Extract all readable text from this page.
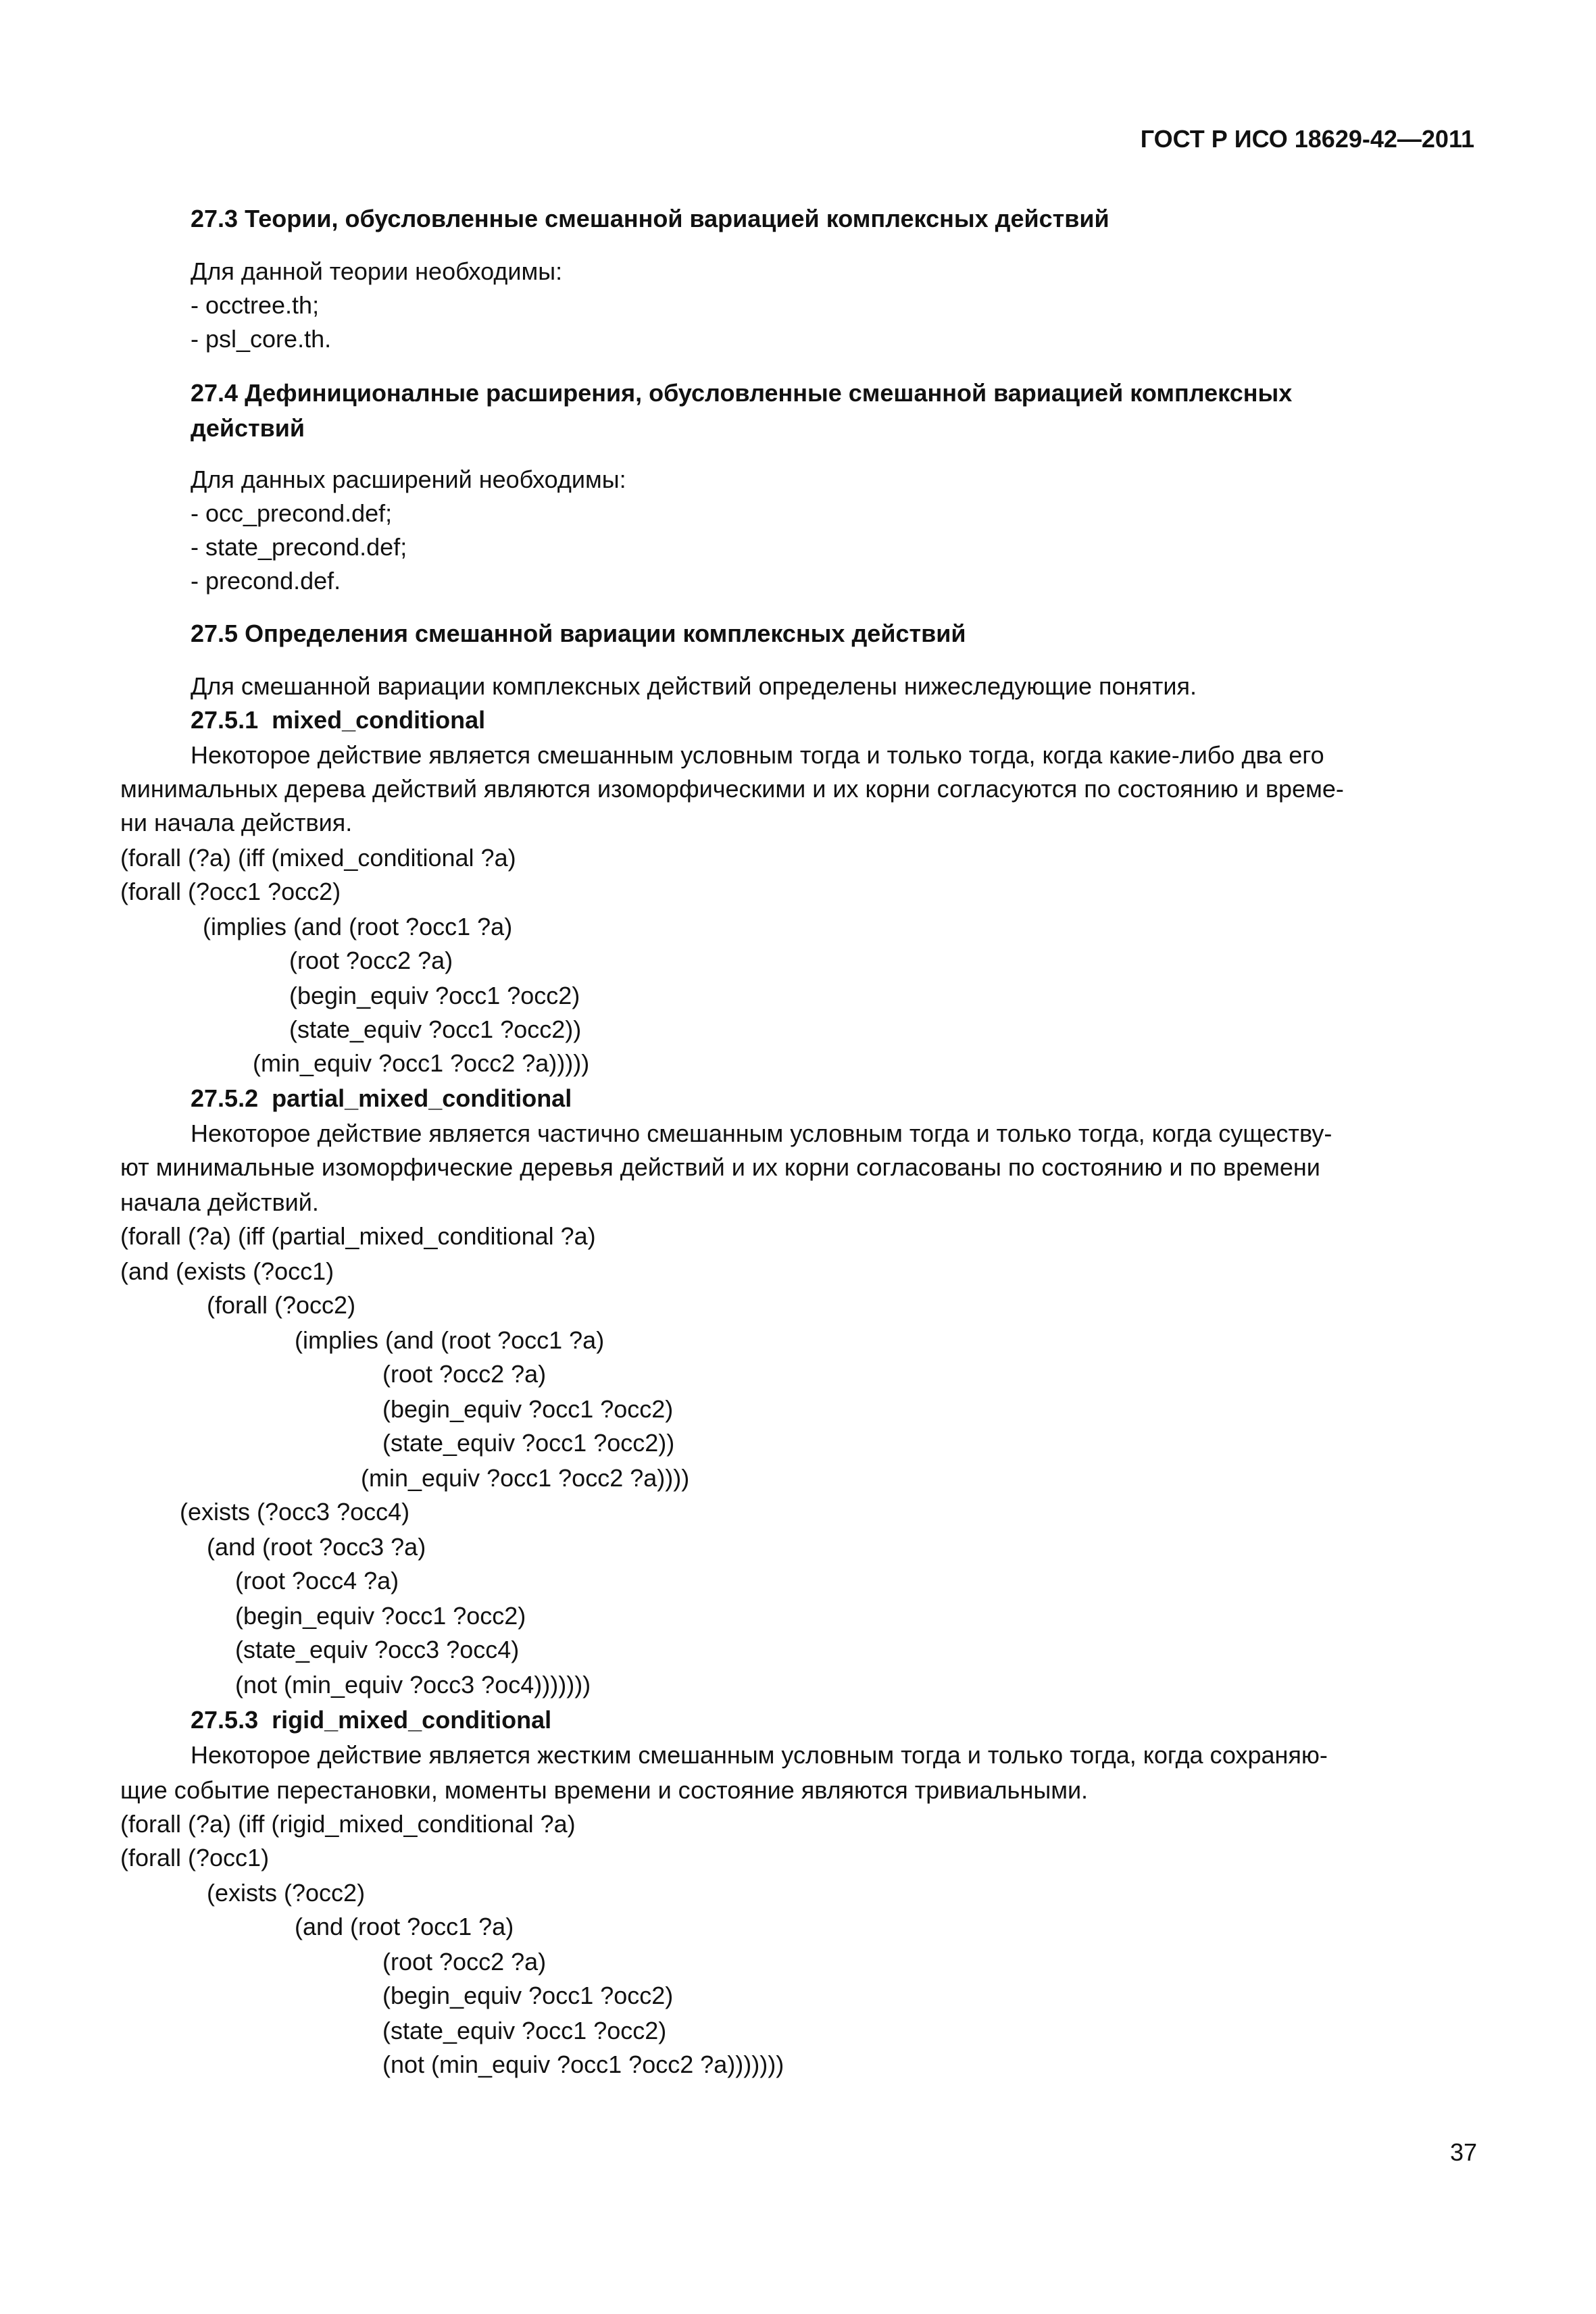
ГОСТ Р ИСО 18629-42—2011
27.3 Теории, обусловленные смешанной вариацией комплексных действий
Для данной теории необходимы:
- occtree.th;
- psl_core.th.
27.4 Дефиниционалные расширения, обусловленные смешанной вариацией комплексных
действий
Для данных расширений необходимы:
- occ_precond.def;
- state_precond.def;
- precond.def.
27.5 Определения смешанной вариации комплексных действий
Для смешанной вариации комплексных действий определены нижеследующие понятия.
27.5.1  mixed_conditional
Некоторое действие является смешанным условным тогда и только тогда, когда какие-либо два его
минимальных дерева действий являются изоморфическими и их корни согласуются по состоянию и време-
ни начала действия.
(forall (?a) (iff (mixed_conditional ?a)
(forall (?occ1 ?occ2)
(implies (and (root ?occ1 ?a)
(root ?occ2 ?a)
(begin_equiv ?occ1 ?occ2)
(state_equiv ?occ1 ?occ2))
(min_equiv ?occ1 ?occ2 ?a)))))
27.5.2  partial_mixed_conditional
Некоторое действие является частично смешанным условным тогда и только тогда, когда существу-
ют минимальные изоморфические деревья действий и их корни согласованы по состоянию и по времени
начала действий.
(forall (?a) (iff (partial_mixed_conditional ?a)
(and (exists (?occ1)
(forall (?occ2)
(implies (and (root ?occ1 ?a)
(root ?occ2 ?a)
(begin_equiv ?occ1 ?occ2)
(state_equiv ?occ1 ?occ2))
(min_equiv ?occ1 ?occ2 ?a))))
(exists (?occ3 ?occ4)
(and (root ?occ3 ?a)
(root ?occ4 ?a)
(begin_equiv ?occ1 ?occ2)
(state_equiv ?occ3 ?occ4)
(not (min_equiv ?occ3 ?oc4)))))))
27.5.3  rigid_mixed_conditional
Некоторое действие является жестким смешанным условным тогда и только тогда, когда сохраняю-
щие событие перестановки, моменты времени и состояние являются тривиальными.
(forall (?a) (iff (rigid_mixed_conditional ?a)
(forall (?occ1)
(exists (?occ2)
(and (root ?occ1 ?a)
(root ?occ2 ?a)
(begin_equiv ?occ1 ?occ2)
(state_equiv ?occ1 ?occ2)
(not (min_equiv ?occ1 ?occ2 ?a)))))))
37
